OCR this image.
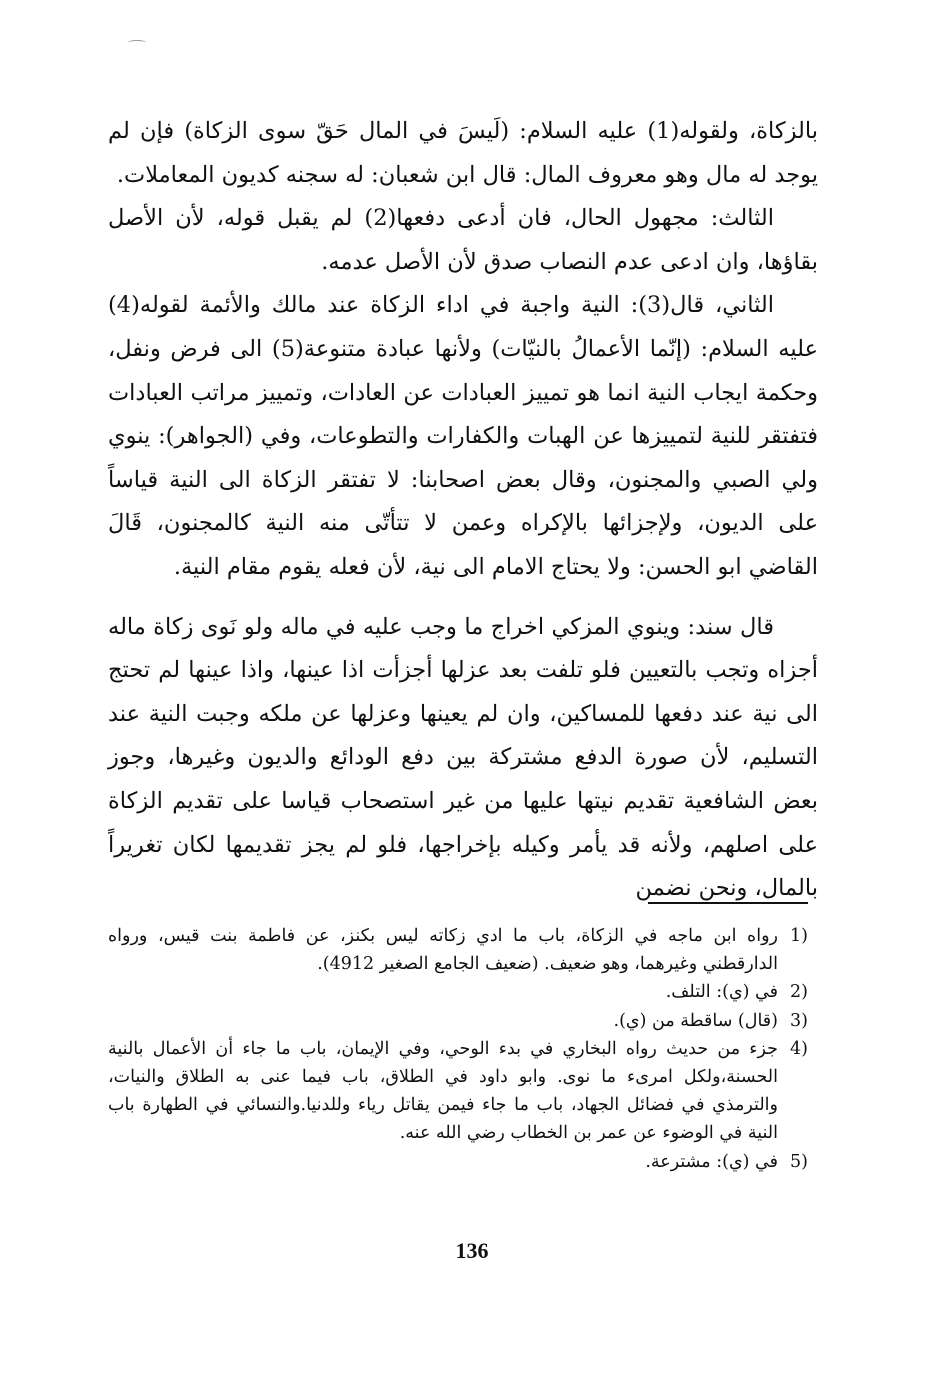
بالزكاة، ولقوله(1) عليه السلام: (لَيسَ في المال حَقّ سوى الزكاة) فإن لم يوجد له مال وهو معروف المال: قال ابن شعبان: له سجنه كديون المعاملات.

الثالث: مجهول الحال، فان أدعى دفعها(2) لم يقبل قوله، لأن الأصل بقاؤها، وان ادعى عدم النصاب صدق لأن الأصل عدمه.

الثاني، قال(3): النية واجبة في اداء الزكاة عند مالك والأئمة لقوله(4) عليه السلام: (إنّما الأعمالُ بالنيّات) ولأنها عبادة متنوعة(5) الى فرض ونفل، وحكمة ايجاب النية انما هو تمييز العبادات عن العادات، وتمييز مراتب العبادات فتفتقر للنية لتمييزها عن الهبات والكفارات والتطوعات، وفي (الجواهر): ينوي ولي الصبي والمجنون، وقال بعض اصحابنا: لا تفتقر الزكاة الى النية قياساً على الديون، ولإجزائها بالإكراه وعمن لا تتأتّى منه النية كالمجنون، قَالَ القاضي ابو الحسن: ولا يحتاج الامام الى نية، لأن فعله يقوم مقام النية.

قال سند: وينوي المزكي اخراج ما وجب عليه في ماله ولو نَوى زكاة ماله أجزاه وتجب بالتعيين فلو تلفت بعد عزلها أجزأت اذا عينها، واذا عينها لم تحتج الى نية عند دفعها للمساكين، وان لم يعينها وعزلها عن ملكه وجبت النية عند التسليم، لأن صورة الدفع مشتركة بين دفع الودائع والديون وغيرها، وجوز بعض الشافعية تقديم نيتها عليها من غير استصحاب قياسا على تقديم الزكاة على اصلهم، ولأنه قد يأمر وكيله بإخراجها، فلو لم يجز تقديمها لكان تغريراً بالمال، ونحن نضمن

1)
رواه ابن ماجه في الزكاة، باب ما ادي زكاته ليس بكنز، عن فاطمة بنت قيس، ورواه الدارقطني وغيرهما، وهو ضعيف. (ضعيف الجامع الصغير 4912).
2)
في (ي): التلف.
3)
(قال) ساقطة من (ي).
4)
جزء من حديث رواه البخاري في بدء الوحي، وفي الإيمان، باب ما جاء أن الأعمال بالنية الحسنة،ولكل امرىء ما نوى. وابو داود في الطلاق، باب فيما عنى به الطلاق والنيات، والترمذي في فضائل الجهاد، باب ما جاء فيمن يقاتل رياء وللدنيا.والنسائي في الطهارة باب النية في الوضوء عن عمر بن الخطاب رضي الله عنه.
5)
في (ي): مشترعة.
136
